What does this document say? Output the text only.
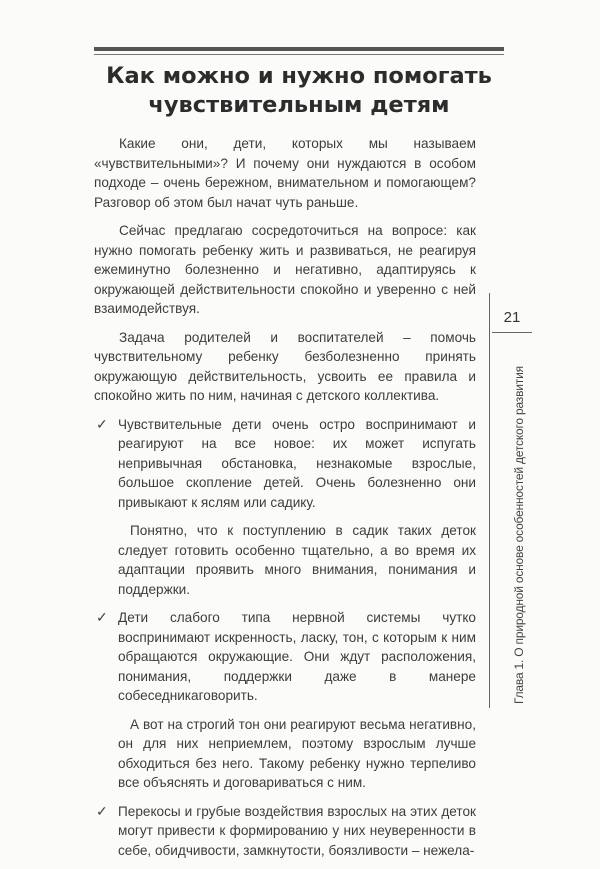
Как можно и нужно помогать
чувствительным детям

Какие они, дети, которых мы называем «чувствительными»? И почему они нуждаются в особом подходе – очень бережном, внимательном и помогающем? Разговор об этом был начат чуть раньше.

Сейчас предлагаю сосредоточиться на вопросе: как нужно помогать ребенку жить и развиваться, не реагируя ежеминутно болезненно и негативно, адаптируясь к окружающей действительности спокойно и уверенно с ней взаимодействуя.

Задача родителей и воспитателей – помочь чувствительному ребенку безболезненно принять окружающую действительность, усвоить ее правила и спокойно жить по ним, начиная с детского коллектива.

✓ Чувствительные дети очень остро воспринимают и реагируют на все новое: их может испугать непривычная обстановка, незнакомые взрослые, большое скопление детей. Очень болезненно они привыкают к яслям или садику.

Понятно, что к поступлению в садик таких деток следует готовить особенно тщательно, а во время их адаптации проявить много внимания, понимания и поддержки.

✓ Дети слабого типа нервной системы чутко воспринимают искренность, ласку, тон, с которым к ним обращаются окружающие. Они ждут расположения, понимания, поддержки даже в манере собеседникаговорить.

А вот на строгий тон они реагируют весьма негативно, он для них неприемлем, поэтому взрослым лучше обходиться без него. Такому ребенку нужно терпеливо все объяснять и договариваться с ним.

✓ Перекосы и грубые воздействия взрослых на этих деток могут привести к формированию у них неуверенности в себе, обидчивости, замкнутости, боязливости – нежела-

21
Глава 1. О природной основе особенностей детского развития
